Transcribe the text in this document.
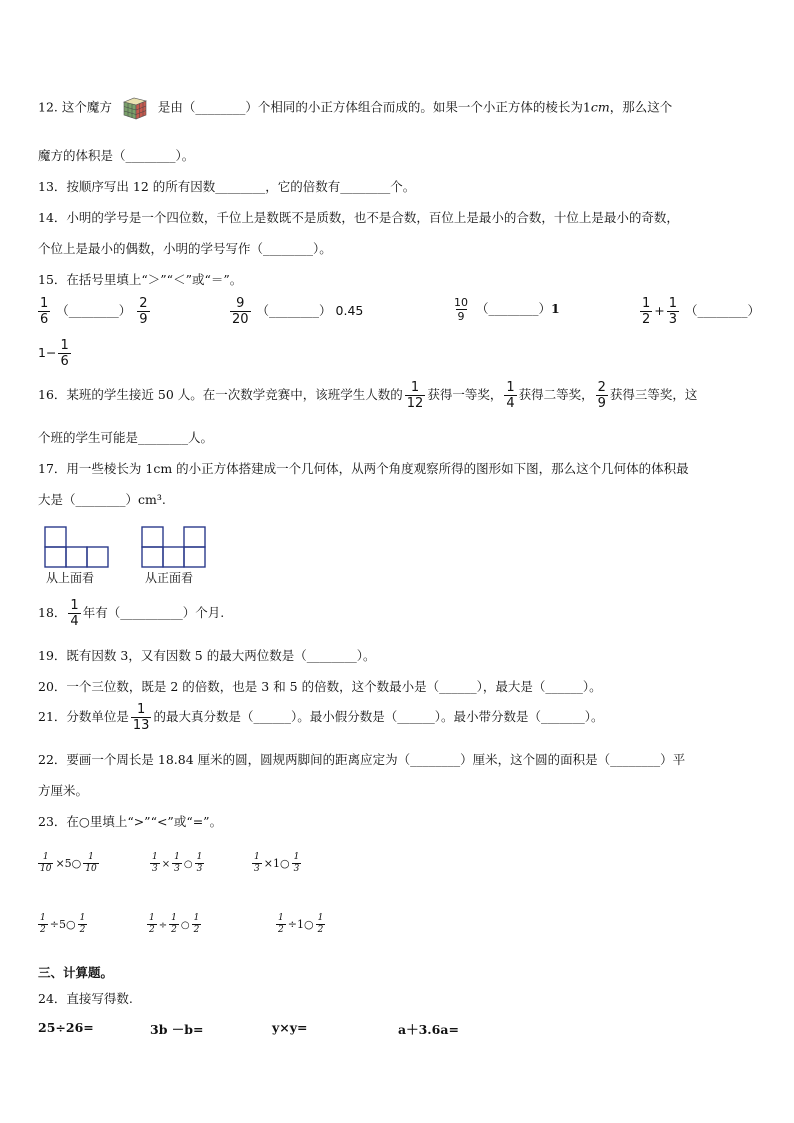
12. 这个魔方	是由（________）个相同的小正方体组合而成的。如果一个小正方体的棱长为1cm，那么这个
魔方的体积是（________）。
13．按顺序写出 12 的所有因数________，它的倍数有________个。
14．小明的学号是一个四位数，千位上是数既不是质数，也不是合数，百位上是最小的合数，十位上是最小的奇数，
个位上是最小的偶数，小明的学号写作（________）。
15．在括号里填上“＞”“＜”或“＝”。
$\frac{1}{6}$ （________） $\frac{2}{9}$	$\frac{9}{20}$ （________） 0.45	$\frac{10}{9}$ （________）1	$\frac{1}{2} + \frac{1}{3}$ （________）
$1- \frac{1}{6}$
16．某班的学生接近 50 人。在一次数学竞赛中，该班学生人数的 $\frac{1}{12}$ 获得一等奖， $\frac{1}{4}$ 获得二等奖， $\frac{2}{9}$ 获得三等奖，这
个班的学生可能是________人。
17．用一些棱长为 1cm 的小正方体搭建成一个几何体，从两个角度观察所得的图形如下图，那么这个几何体的体积最
大是（________）cm³.
从上面看	从正面看
18． $\frac{1}{4}$ 年有（__________）个月.
19．既有因数 3，又有因数 5 的最大两位数是（________）。
20．一个三位数，既是 2 的倍数，也是 3 和 5 的倍数，这个数最小是（______），最大是（______）。
21．分数单位是 $\frac{1}{13}$ 的最大真分数是（______）。最小假分数是（______）。最小带分数是（_______）。
22．要画一个周长是 18.84 厘米的圆，圆规两脚间的距离应定为（________）厘米，这个圆的面积是（________）平
方厘米。
23．在○里填上“>”“<”或“=”。
$\frac{1}{10}$ ×5○ $\frac{1}{10}$	$\frac{1}{3} \times \frac{1}{3}$ ○ $\frac{1}{3}$	$\frac{1}{3}$ ×1○ $\frac{1}{3}$
$\frac{1}{2}$ ÷5○ $\frac{1}{2}$	$\frac{1}{2} \div \frac{1}{2}$ ○ $\frac{1}{2}$	$\frac{1}{2}$ ÷1○ $\frac{1}{2}$
三、计算题。
24．直接写得数.
25÷26=	3b －b=	y×y=	a＋3.6a=
